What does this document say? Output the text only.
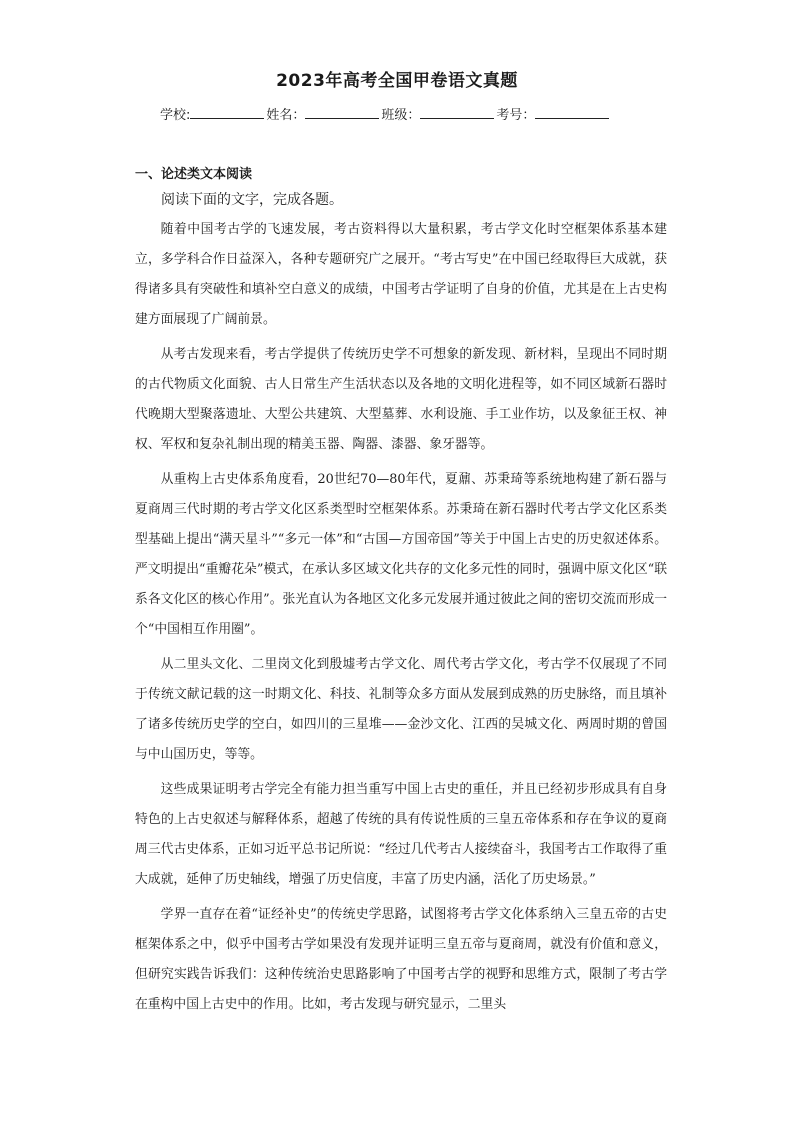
2023年高考全国甲卷语文真题
学校:	姓名：	班级：	考号：
一、论述类文本阅读
阅读下面的文字，完成各题。

随着中国考古学的飞速发展，考古资料得以大量积累，考古学文化时空框架体系基本建立，多学科合作日益深入，各种专题研究广之展开。“考古写史”在中国已经取得巨大成就，获得诸多具有突破性和填补空白意义的成绩，中国考古学证明了自身的价值，尤其是在上古史构建方面展现了广阔前景。

从考古发现来看，考古学提供了传统历史学不可想象的新发现、新材料，呈现出不同时期的古代物质文化面貌、古人日常生产生活状态以及各地的文明化进程等，如不同区域新石器时代晚期大型聚落遗址、大型公共建筑、大型墓葬、水利设施、手工业作坊，以及象征王权、神权、军权和复杂礼制出现的精美玉器、陶器、漆器、象牙器等。

从重构上古史体系角度看，20世纪70—80年代，夏鼐、苏秉琦等系统地构建了新石器与夏商周三代时期的考古学文化区系类型时空框架体系。苏秉琦在新石器时代考古学文化区系类型基础上提出“满天星斗”“多元一体”和“古国—方国帝国”等关于中国上古史的历史叙述体系。严文明提出“重瓣花朵”模式，在承认多区域文化共存的文化多元性的同时，强调中原文化区“联系各文化区的核心作用”。张光直认为各地区文化多元发展并通过彼此之间的密切交流而形成一个“中国相互作用圈”。

从二里头文化、二里岗文化到殷墟考古学文化、周代考古学文化，考古学不仅展现了不同于传统文献记载的这一时期文化、科技、礼制等众多方面从发展到成熟的历史脉络，而且填补了诸多传统历史学的空白，如四川的三星堆——金沙文化、江西的吴城文化、两周时期的曾国与中山国历史，等等。

这些成果证明考古学完全有能力担当重写中国上古史的重任，并且已经初步形成具有自身特色的上古史叙述与解释体系，超越了传统的具有传说性质的三皇五帝体系和存在争议的夏商周三代古史体系，正如习近平总书记所说：“经过几代考古人接续奋斗，我国考古工作取得了重大成就，延伸了历史轴线，增强了历史信度，丰富了历史内涵，活化了历史场景。”

学界一直存在着“证经补史”的传统史学思路，试图将考古学文化体系纳入三皇五帝的古史框架体系之中，似乎中国考古学如果没有发现并证明三皇五帝与夏商周，就没有价值和意义，但研究实践告诉我们：这种传统治史思路影响了中国考古学的视野和思维方式，限制了考古学在重构中国上古史中的作用。比如，考古发现与研究显示，二里头
